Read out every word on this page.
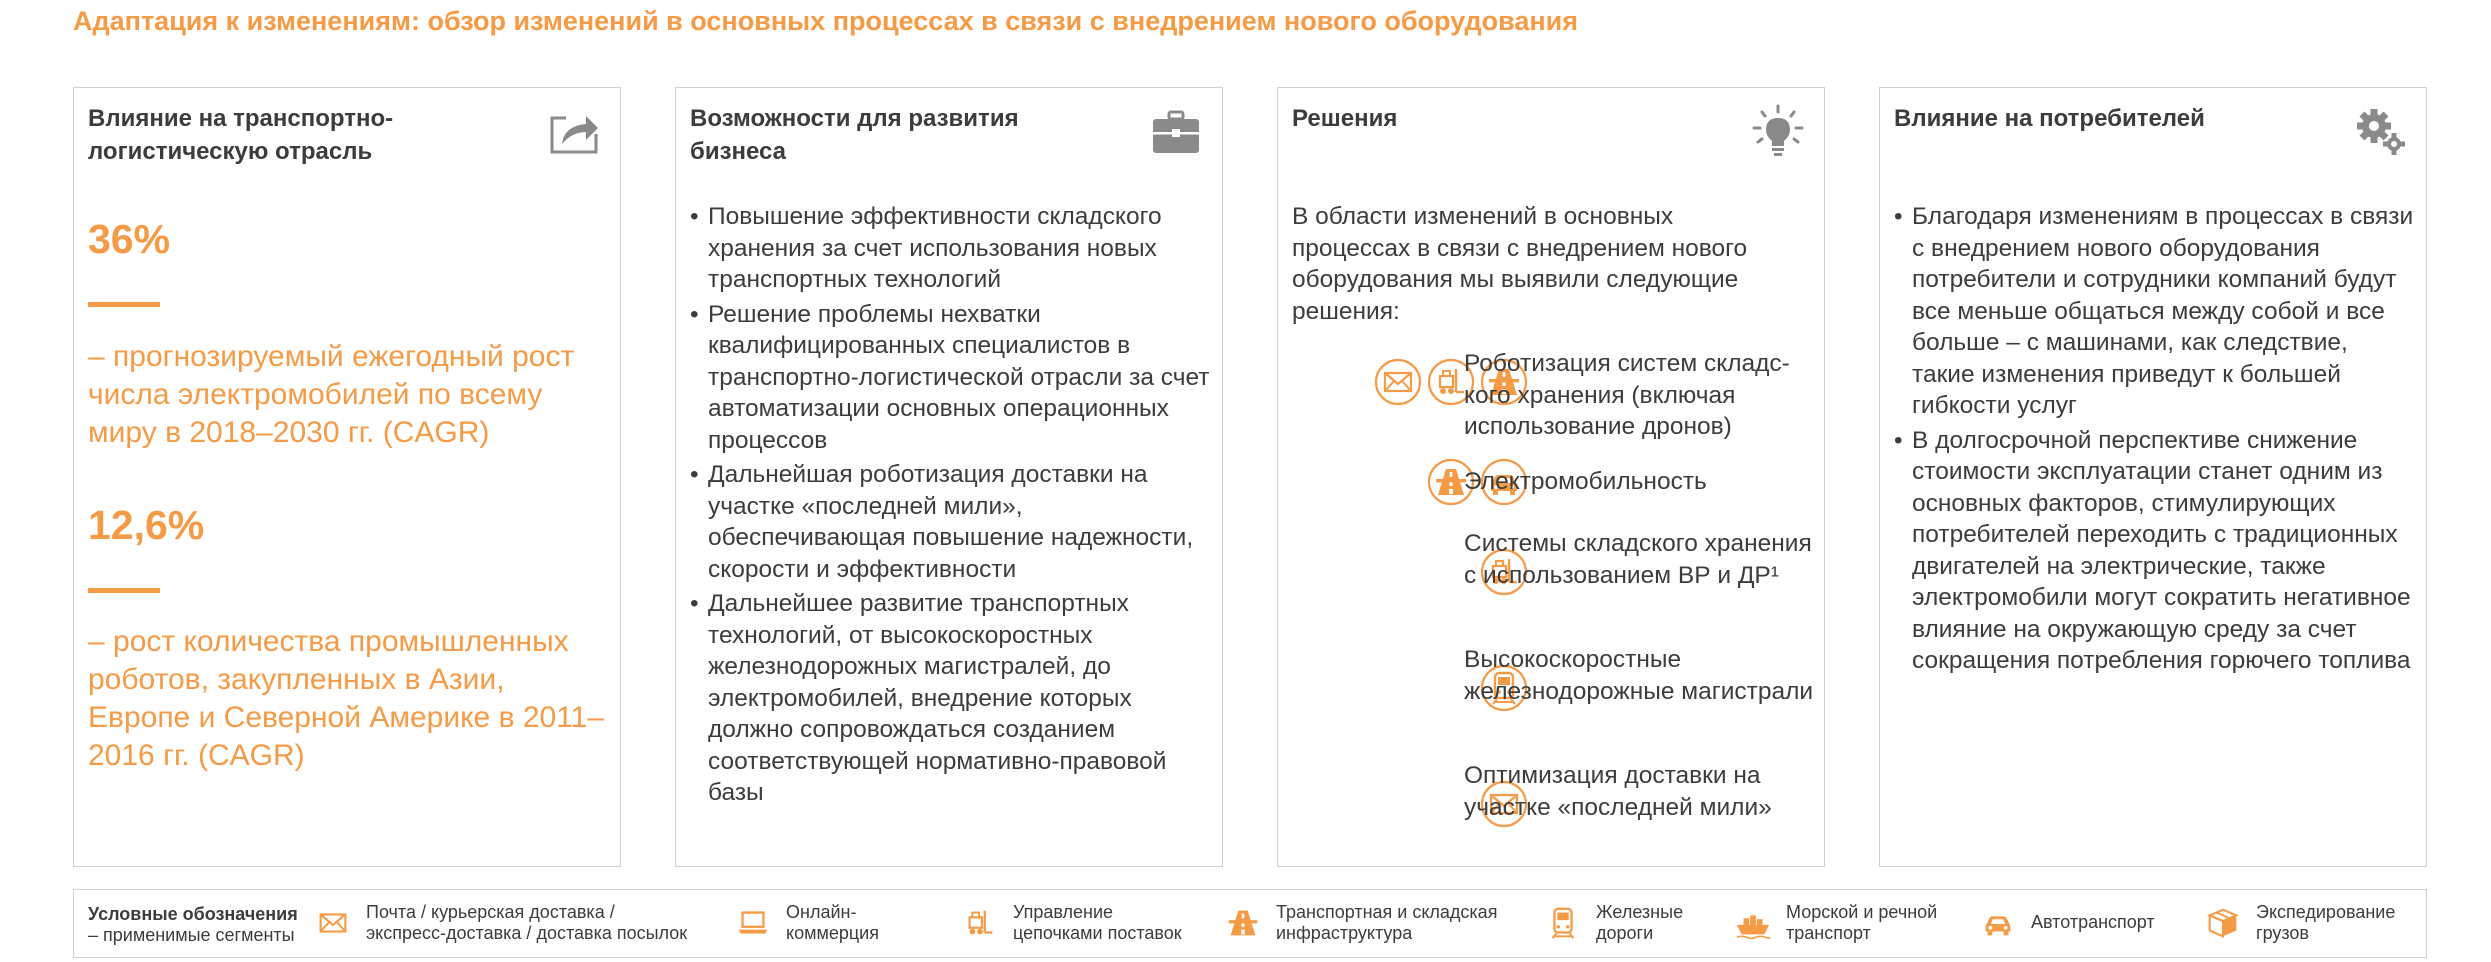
Адаптация к изменениям: обзор изменений в основных процессах в связи с внедрением нового оборудования
Влияние на транспортно-логистическую отрасль
36%
– прогнозируемый ежегодный рост числа электромобилей по всему миру в 2018–2030 гг. (CAGR)
12,6%
– рост количества промышленных роботов, закупленных в Азии, Европе и Северной Америке в 2011–2016 гг. (CAGR)
Возможности для развития бизнеса
• Повышение эффективности складского хранения за счет использования новых транспортных технологий
• Решение проблемы нехватки квалифицированных специалистов в транспортно-логистической отрасли за счет автоматизации основных операционных процессов
• Дальнейшая роботизация доставки на участке «последней мили», обеспечивающая повышение надежности, скорости и эффективности
• Дальнейшее развитие транспортных технологий, от высокоскоростных железнодорожных магистралей, до электромобилей, внедрение которых должно сопровождаться созданием соответствующей нормативно-правовой базы
Решения
В области изменений в основных процессах в связи с внедрением нового оборудования мы выявили следующие решения:
Роботизация систем складс-кого хранения (включая использование дронов)
Электромобильность
Системы складского хранения с использованием ВР и ДР¹
Высокоскоростные железнодорожные магистрали
Оптимизация доставки на участке «последней мили»
Влияние на потребителей
• Благодаря изменениям в процессах в связи с внедрением нового оборудования потребители и сотрудники компаний будут все меньше общаться между собой и все больше – с машинами, как следствие, такие изменения приведут к большей гибкости услуг
• В долгосрочной перспективе снижение стоимости эксплуатации станет одним из основных факторов, стимулирующих потребителей переходить с традиционных двигателей на электрические, также электромобили могут сократить негативное влияние на окружающую среду за счет сокращения потребления горючего топлива
Условные обозначения
– применимые сегменты
Почта / курьерская доставка /
экспресс-доставка / доставка посылок
Онлайн-
коммерция
Управление
цепочками поставок
Транспортная и складская
инфраструктура
Железные
дороги
Морской и речной
транспорт
Автотранспорт	Экспедирование
грузов
